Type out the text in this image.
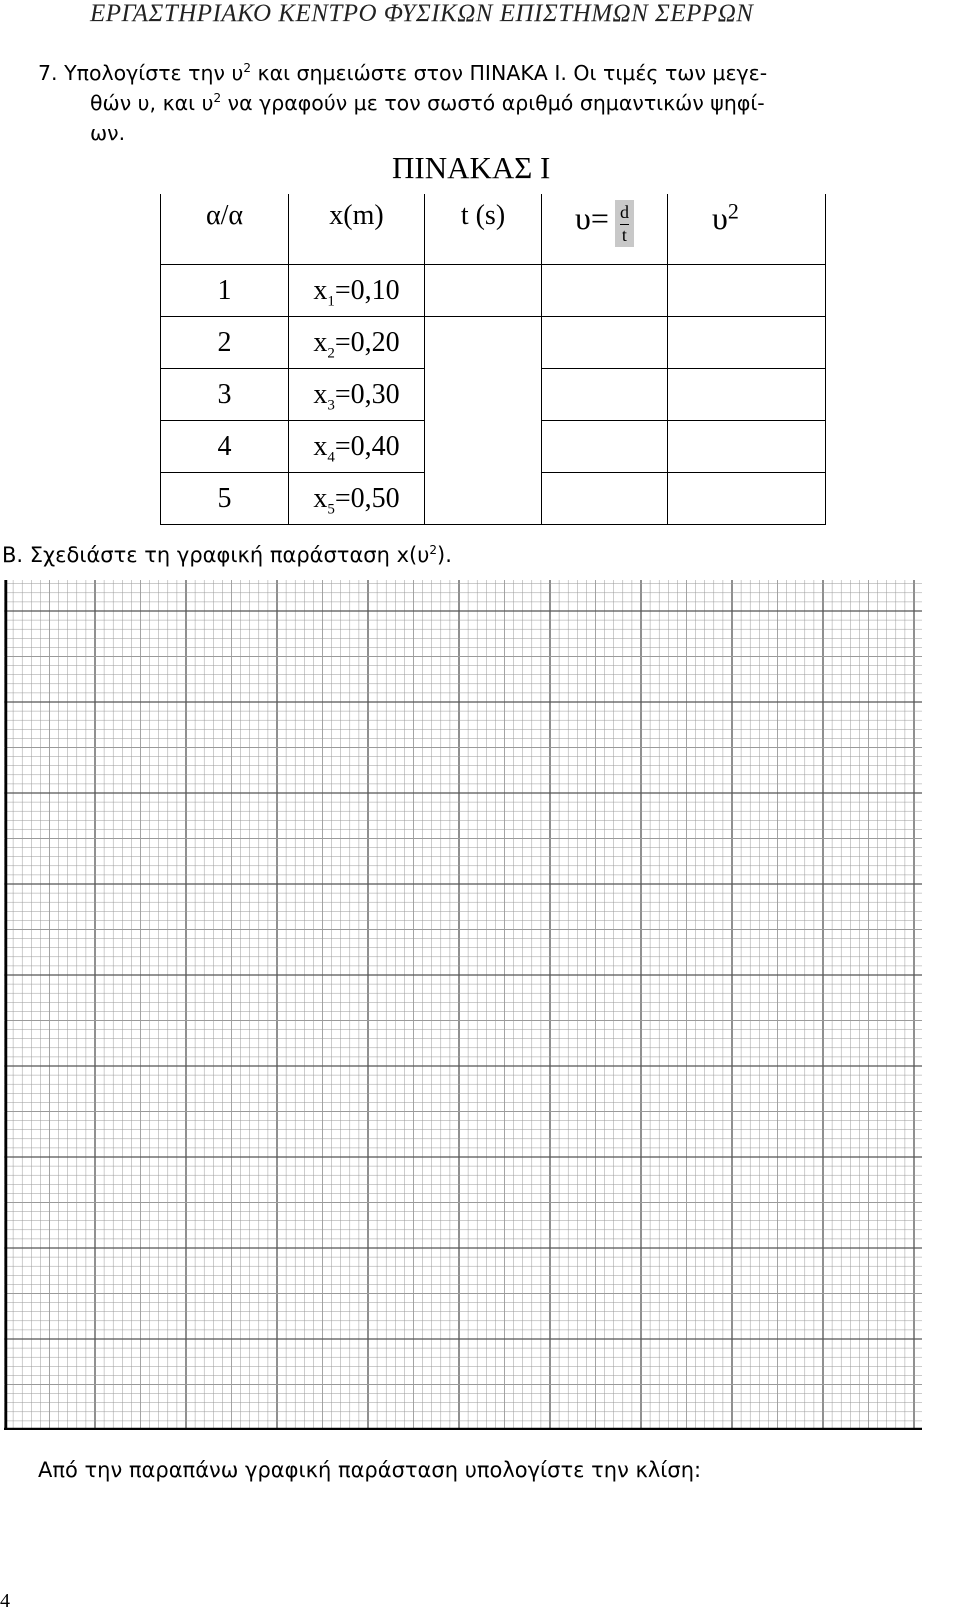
ΕΡΓΑΣΤΗΡΙΑΚΟ ΚΕΝΤΡΟ ΦΥΣΙΚΩΝ ΕΠΙΣΤΗΜΩΝ ΣΕΡΡΩΝ
7. Υπολογίστε την $\upsilon^2$ και σημειώστε στον ΠΙΝΑΚΑ Ι. Οι τιμές των μεγε-
θών υ, και $\upsilon^2$ να γραφούν με τον σωστό αριθμό σημαντικών ψηφί-
ων.
ΠΙΝΑΚΑΣ Ι
α/α	x(m)	t (s)	$\upsilon= \frac{d}{t}$	$\upsilon^2$
1	$x_1=0,10$			
2	$x_2=0,20$			
3	$x_3=0,30$			
4	$x_4=0,40$			
5	$x_5=0,50$			
Β. Σχεδιάστε τη γραφική παράσταση $x(\upsilon^2)$.
Από την παραπάνω γραφική παράσταση υπολογίστε την κλίση:
4
